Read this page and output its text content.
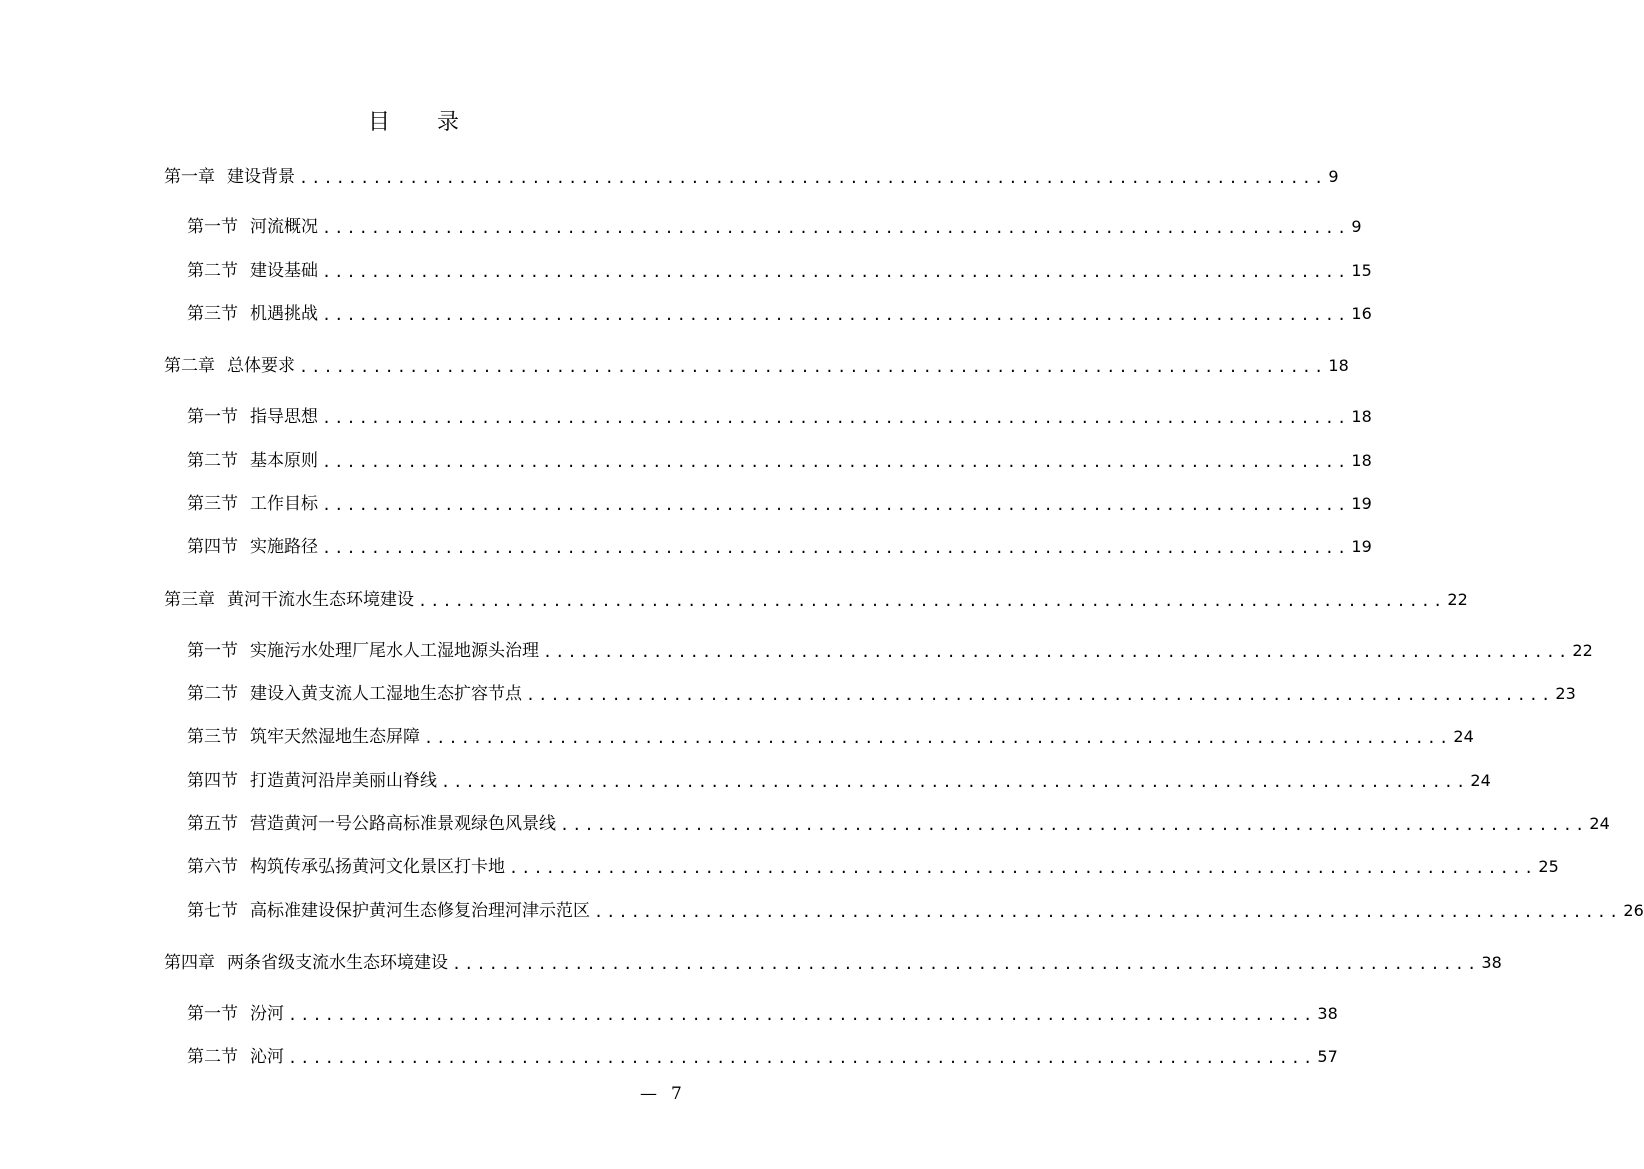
目 录
第一章 建设背景 .................................................................................... 9
第一节 河流概况 .................................................................................... 9
第二节 建设基础 .................................................................................... 15
第三节 机遇挑战 .................................................................................... 16
第二章 总体要求 .................................................................................... 18
第一节 指导思想 .................................................................................... 18
第二节 基本原则 .................................................................................... 18
第三节 工作目标 .................................................................................... 19
第四节 实施路径 .................................................................................... 19
第三章 黄河干流水生态环境建设 .................................................................................... 22
第一节 实施污水处理厂尾水人工湿地源头治理 .................................................................................... 22
第二节 建设入黄支流人工湿地生态扩容节点 .................................................................................... 23
第三节 筑牢天然湿地生态屏障 .................................................................................... 24
第四节 打造黄河沿岸美丽山脊线 .................................................................................... 24
第五节 营造黄河一号公路高标准景观绿色风景线 .................................................................................... 24
第六节 构筑传承弘扬黄河文化景区打卡地 .................................................................................... 25
第七节 高标准建设保护黄河生态修复治理河津示范区 .................................................................................... 26
第四章 两条省级支流水生态环境建设 .................................................................................... 38
第一节 汾河 .................................................................................... 38
第二节 沁河 .................................................................................... 57
— 7
